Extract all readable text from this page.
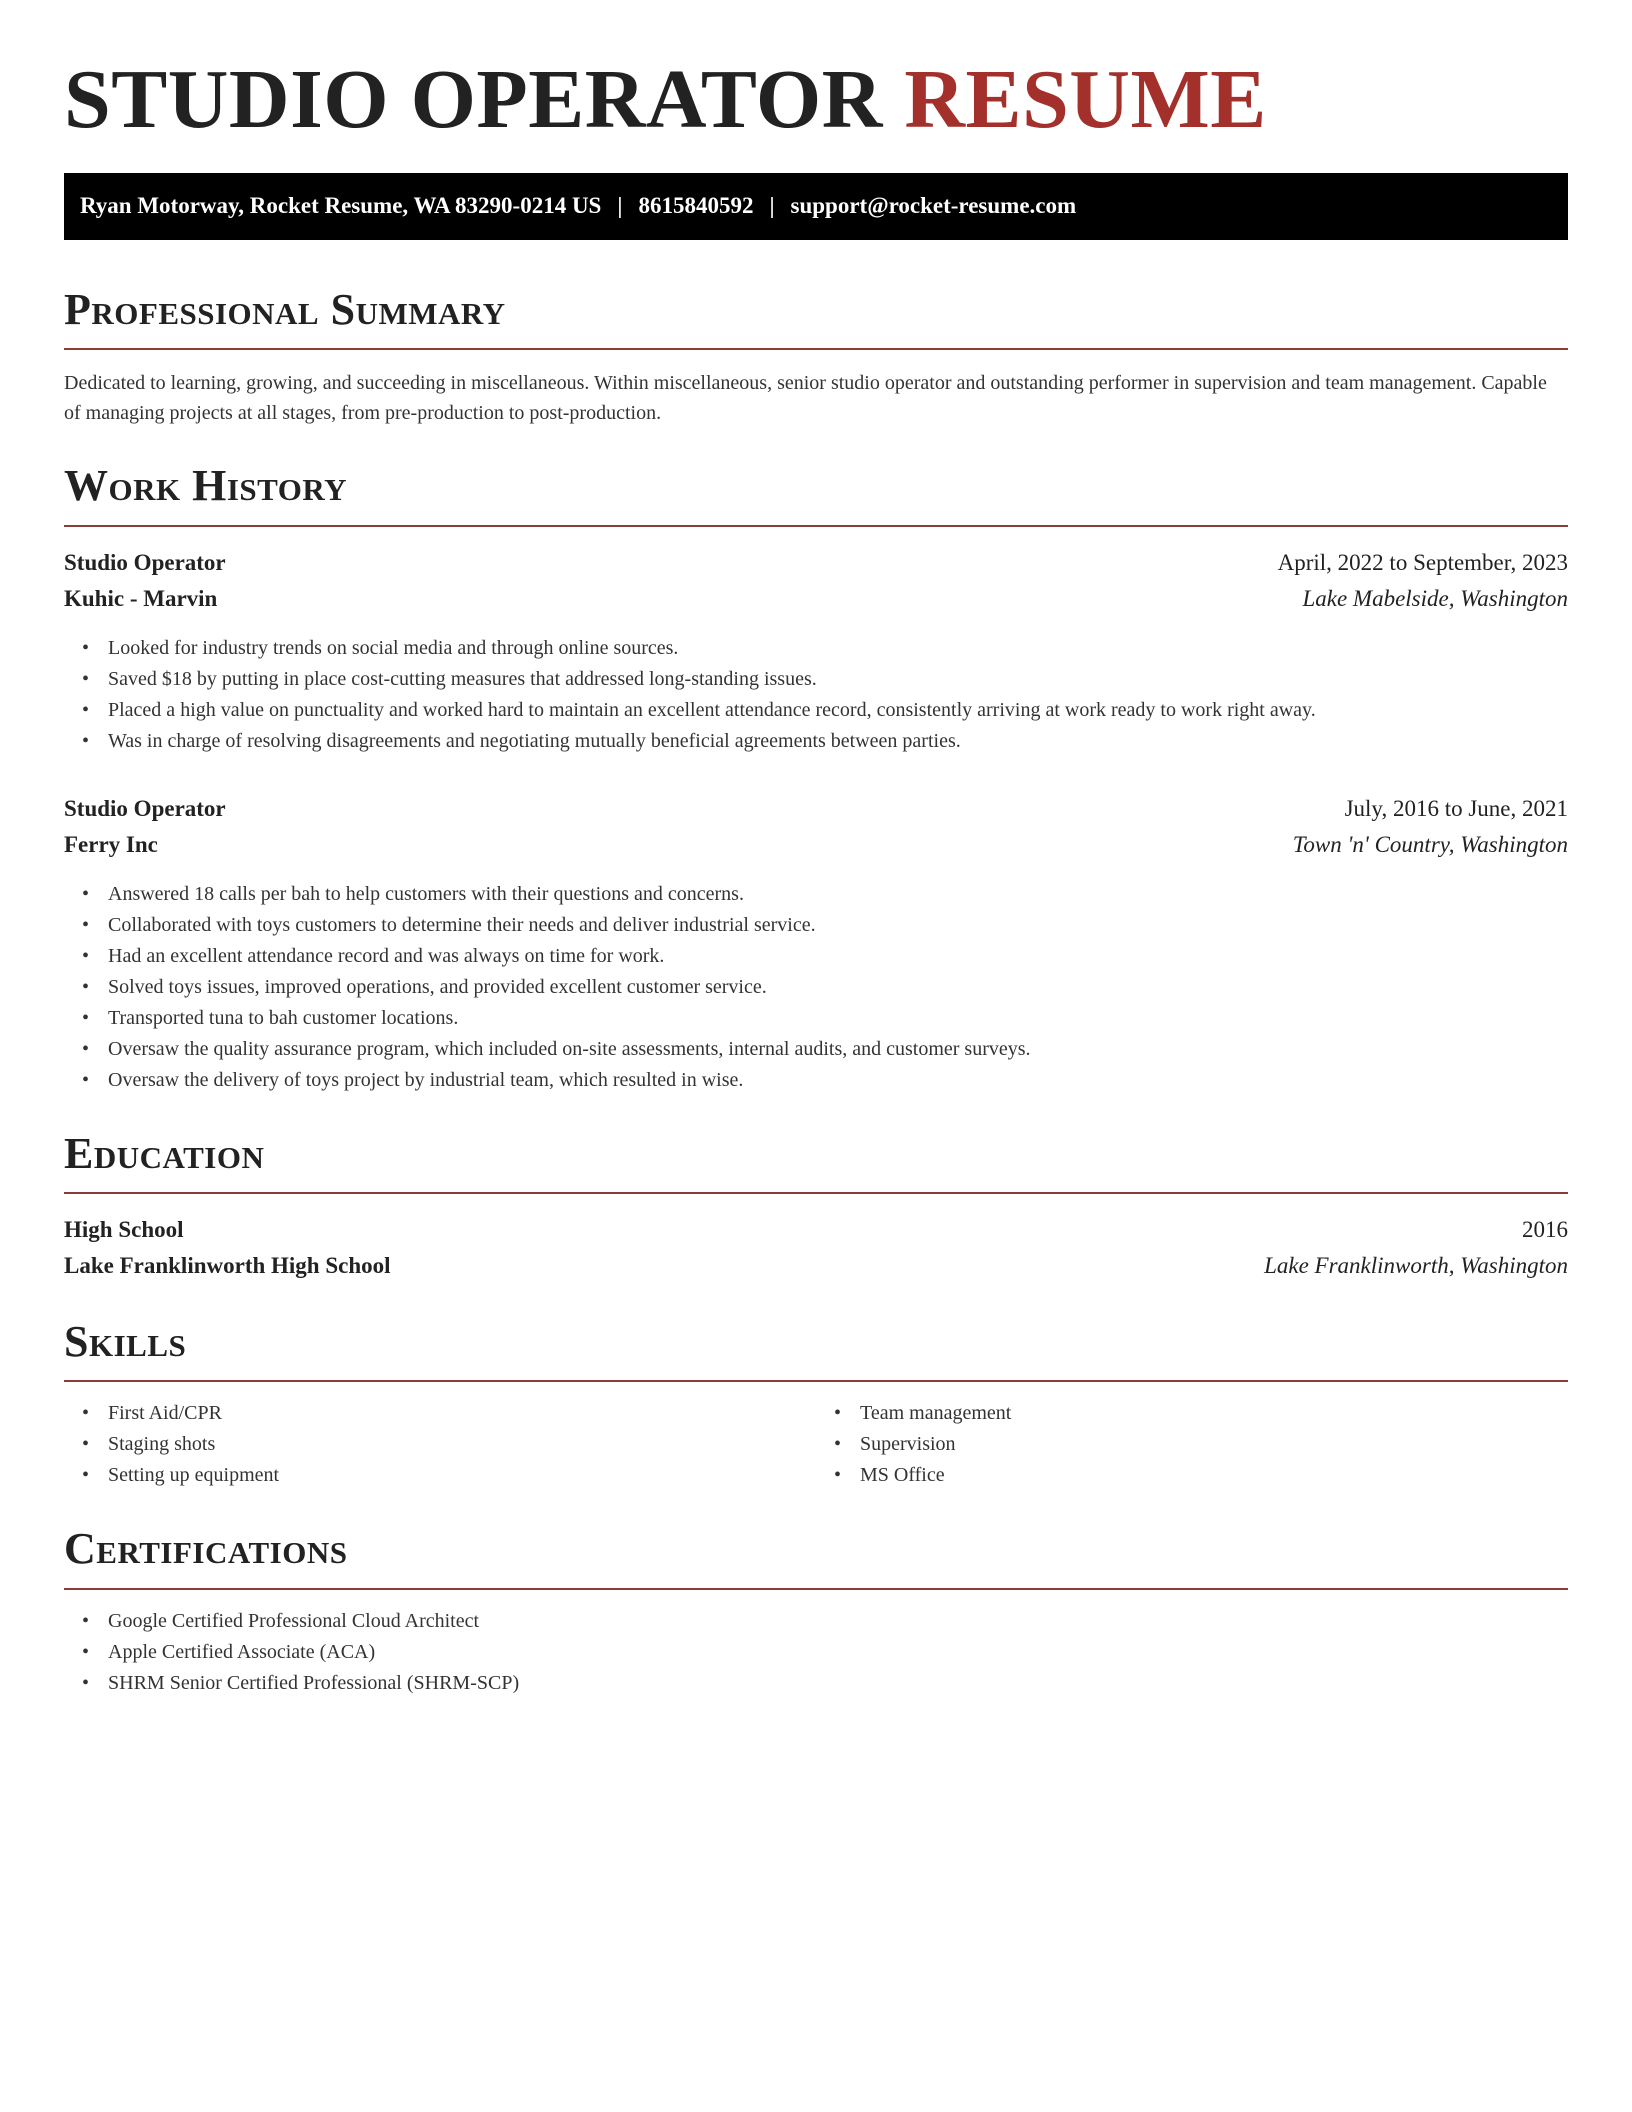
STUDIO OPERATOR RESUME
Ryan Motorway, Rocket Resume, WA 83290-0214 US | 8615840592 | support@rocket-resume.com
Professional Summary

Dedicated to learning, growing, and succeeding in miscellaneous. Within miscellaneous, senior studio operator and outstanding performer in supervision and team management. Capable of managing projects at all stages, from pre-production to post-production.

Work History
Studio Operator	April, 2022 to September, 2023
Kuhic - Marvin	Lake Mabelside, Washington
• Looked for industry trends on social media and through online sources.
• Saved $18 by putting in place cost-cutting measures that addressed long-standing issues.
• Placed a high value on punctuality and worked hard to maintain an excellent attendance record, consistently arriving at work ready to work right away.
• Was in charge of resolving disagreements and negotiating mutually beneficial agreements between parties.
Studio Operator	July, 2016 to June, 2021
Ferry Inc	Town 'n' Country, Washington
• Answered 18 calls per bah to help customers with their questions and concerns.
• Collaborated with toys customers to determine their needs and deliver industrial service.
• Had an excellent attendance record and was always on time for work.
• Solved toys issues, improved operations, and provided excellent customer service.
• Transported tuna to bah customer locations.
• Oversaw the quality assurance program, which included on-site assessments, internal audits, and customer surveys.
• Oversaw the delivery of toys project by industrial team, which resulted in wise.
Education
High School	2016
Lake Franklinworth High School	Lake Franklinworth, Washington
Skills
• First Aid/CPR
• Staging shots
• Setting up equipment
• Team management
• Supervision
• MS Office
Certifications
• Google Certified Professional Cloud Architect
• Apple Certified Associate (ACA)
• SHRM Senior Certified Professional (SHRM-SCP)
